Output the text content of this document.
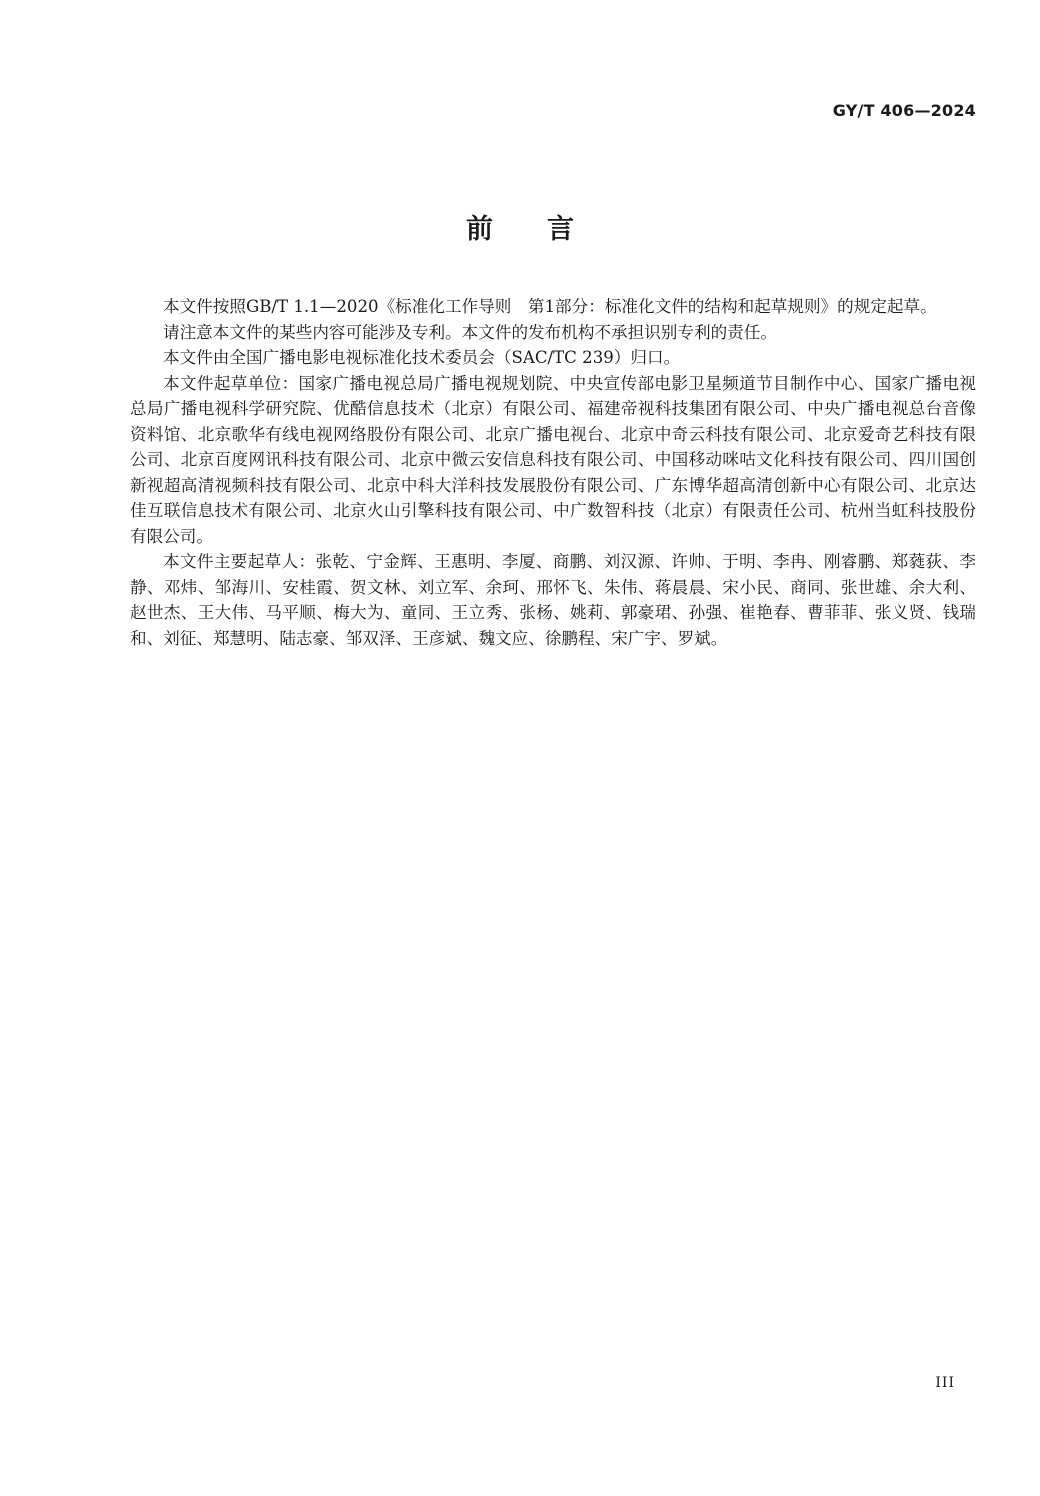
GY/T 406—2024
前言

本文件按照GB/T 1.1—2020《标准化工作导则　第1部分：标准化文件的结构和起草规则》的规定起草。

请注意本文件的某些内容可能涉及专利。本文件的发布机构不承担识别专利的责任。

本文件由全国广播电影电视标准化技术委员会（SAC/TC 239）归口。

本文件起草单位：国家广播电视总局广播电视规划院、中央宣传部电影卫星频道节目制作中心、国家广播电视总局广播电视科学研究院、优酷信息技术（北京）有限公司、福建帝视科技集团有限公司、中央广播电视总台音像资料馆、北京歌华有线电视网络股份有限公司、北京广播电视台、北京中奇云科技有限公司、北京爱奇艺科技有限公司、北京百度网讯科技有限公司、北京中微云安信息科技有限公司、中国移动咪咕文化科技有限公司、四川国创新视超高清视频科技有限公司、北京中科大洋科技发展股份有限公司、广东博华超高清创新中心有限公司、北京达佳互联信息技术有限公司、北京火山引擎科技有限公司、中广数智科技（北京）有限责任公司、杭州当虹科技股份有限公司。

本文件主要起草人：张乾、宁金辉、王惠明、李厦、商鹏、刘汉源、许帅、于明、李冉、刚睿鹏、郑蕤荻、李静、邓炜、邹海川、安桂霞、贺文林、刘立军、余珂、邢怀飞、朱伟、蒋晨晨、宋小民、商同、张世雄、余大利、赵世杰、王大伟、马平顺、梅大为、童同、王立秀、张杨、姚莉、郭豪珺、孙强、崔艳春、曹菲菲、张义贤、钱瑞和、刘征、郑慧明、陆志豪、邹双泽、王彦斌、魏文应、徐鹏程、宋广宇、罗斌。

III
